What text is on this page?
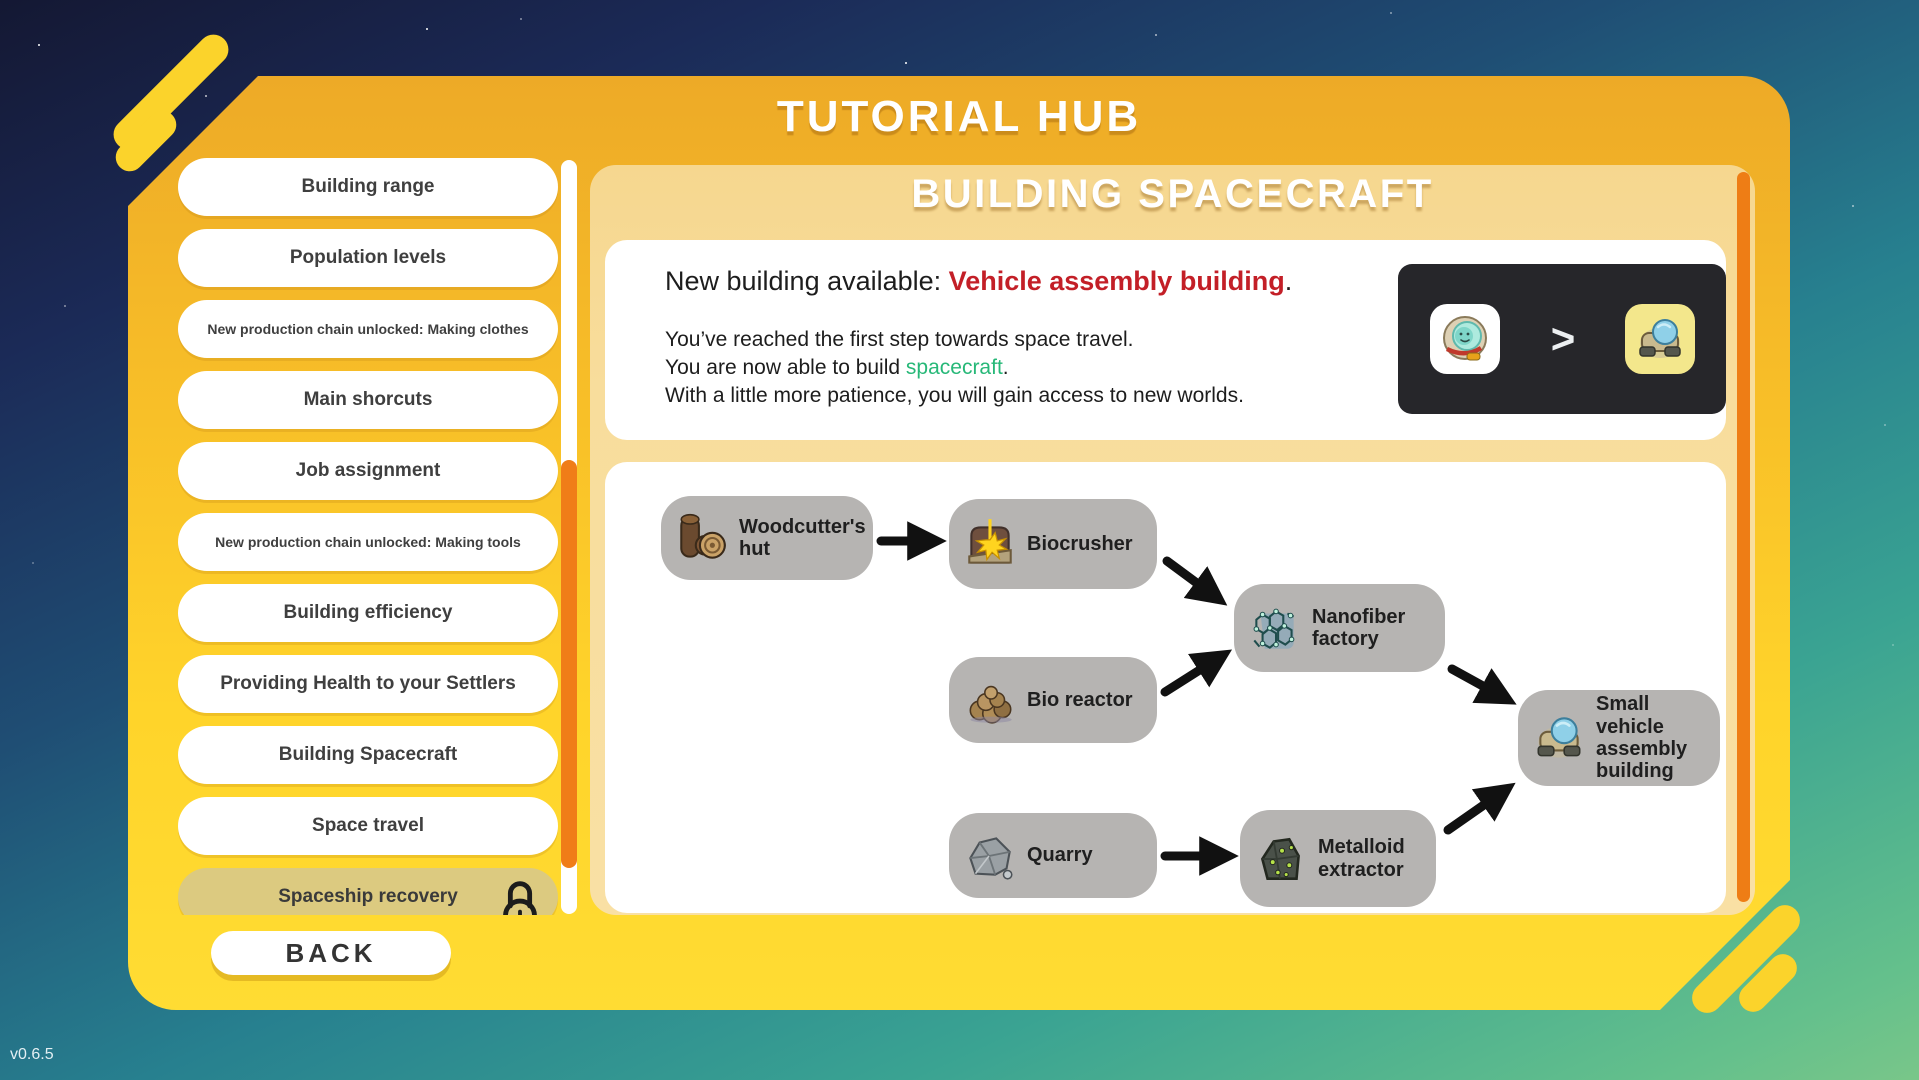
TUTORIAL HUB
Building range
Population levels
New production chain unlocked: Making clothes
Main shorcuts
Job assignment
New production chain unlocked: Making tools
Building efficiency
Providing Health to your Settlers
Building Spacecraft
Space travel
Spaceship recovery
BUILDING SPACECRAFT
New building available: Vehicle assembly building.
You’ve reached the first step towards space travel.
You are now able to build spacecraft.
With a little more patience, you will gain access to new worlds.
>
Woodcutter's hut	Biocrusher
Nanofiber factory
Bio reactor
Quarry	Metalloid extractor
Small vehicle assembly building
BACK
v0.6.5
